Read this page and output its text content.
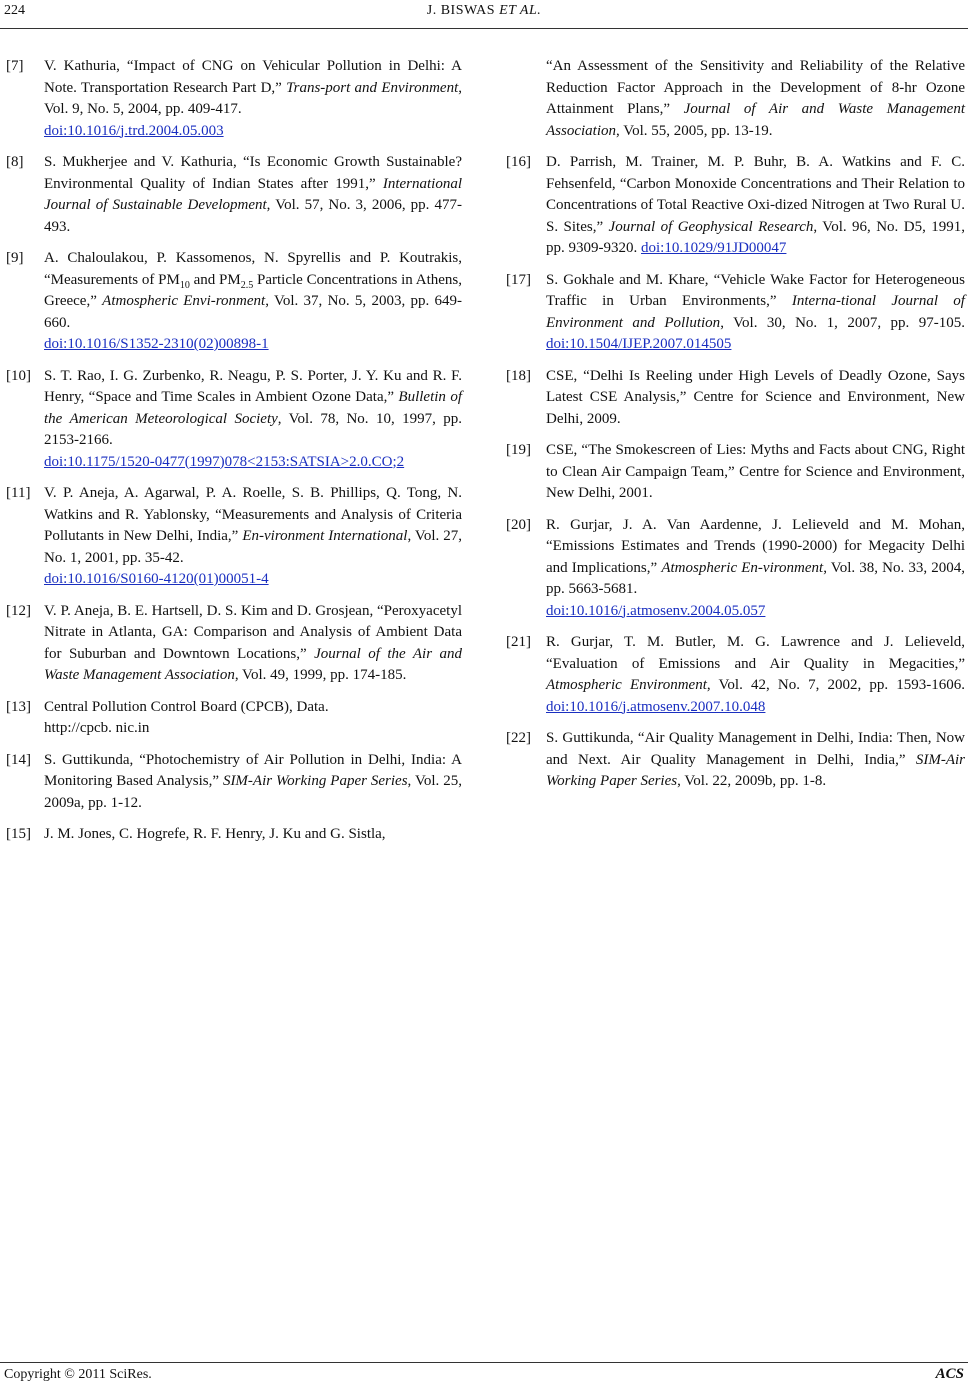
224	J. BISWAS ET AL.
[7]	V. Kathuria, “Impact of CNG on Vehicular Pollution in Delhi: A Note. Transportation Research Part D,” Trans-port and Environment, Vol. 9, No. 5, 2004, pp. 409-417.
doi:10.1016/j.trd.2004.05.003
[8]	S. Mukherjee and V. Kathuria, “Is Economic Growth Sustainable? Environmental Quality of Indian States after 1991,” International Journal of Sustainable Development, Vol. 57, No. 3, 2006, pp. 477-493.
[9]	A. Chaloulakou, P. Kassomenos, N. Spyrellis and P. Koutrakis, “Measurements of $PM_{10}$ and $PM_{2.5}$ Particle Concentrations in Athens, Greece,” Atmospheric Envi-ronment, Vol. 37, No. 5, 2003, pp. 649-660.
doi:10.1016/S1352-2310(02)00898-1
[10] S. T. Rao, I. G. Zurbenko, R. Neagu, P. S. Porter, J. Y. Ku and R. F. Henry, “Space and Time Scales in Ambient Ozone Data,” Bulletin of the American Meteorological Society, Vol. 78, No. 10, 1997, pp. 2153-2166.
doi:10.1175/1520-0477(1997)078<2153:SATSIA>2.0.CO;2
[11] V. P. Aneja, A. Agarwal, P. A. Roelle, S. B. Phillips, Q. Tong, N. Watkins and R. Yablonsky, “Measurements and Analysis of Criteria Pollutants in New Delhi, India,” En-vironment International, Vol. 27, No. 1, 2001, pp. 35-42.
doi:10.1016/S0160-4120(01)00051-4
[12] V. P. Aneja, B. E. Hartsell, D. S. Kim and D. Grosjean, “Peroxyacetyl Nitrate in Atlanta, GA: Comparison and Analysis of Ambient Data for Suburban and Downtown Locations,” Journal of the Air and Waste Management Association, Vol. 49, 1999, pp. 174-185.
[13] Central Pollution Control Board (CPCB), Data.
http://cpcb. nic.in
[14] S. Guttikunda, “Photochemistry of Air Pollution in Delhi, India: A Monitoring Based Analysis,” SIM-Air Working Paper Series, Vol. 25, 2009a, pp. 1-12.
[15] J. M. Jones, C. Hogrefe, R. F. Henry, J. Ku and G. Sistla,
“An Assessment of the Sensitivity and Reliability of the Relative Reduction Factor Approach in the Development of 8-hr Ozone Attainment Plans,” Journal of Air and Waste Management Association, Vol. 55, 2005, pp. 13-19.
[16]	D. Parrish, M. Trainer, M. P. Buhr, B. A. Watkins and F. C. Fehsenfeld, “Carbon Monoxide Concentrations and Their Relation to Concentrations of Total Reactive Oxi-dized Nitrogen at Two Rural U. S. Sites,” Journal of Geophysical Research, Vol. 96, No. D5, 1991, pp. 9309-9320. doi:10.1029/91JD00047
[17]	S. Gokhale and M. Khare, “Vehicle Wake Factor for Heterogeneous Traffic in Urban Environments,” Interna-tional Journal of Environment and Pollution, Vol. 30, No. 1, 2007, pp. 97-105. doi:10.1504/IJEP.2007.014505
[18]	CSE, “Delhi Is Reeling under High Levels of Deadly Ozone, Says Latest CSE Analysis,” Centre for Science and Environment, New Delhi, 2009.
[19]	CSE, “The Smokescreen of Lies: Myths and Facts about CNG, Right to Clean Air Campaign Team,” Centre for Science and Environment, New Delhi, 2001.
[20]	R. Gurjar, J. A. Van Aardenne, J. Lelieveld and M. Mohan, “Emissions Estimates and Trends (1990-2000) for Megacity Delhi and Implications,” Atmospheric En-vironment, Vol. 38, No. 33, 2004, pp. 5663-5681.
doi:10.1016/j.atmosenv.2004.05.057
[21]	R. Gurjar, T. M. Butler, M. G. Lawrence and J. Lelieveld, “Evaluation of Emissions and Air Quality in Megacities,” Atmospheric Environment, Vol. 42, No. 7, 2002, pp. 1593-1606. doi:10.1016/j.atmosenv.2007.10.048
[22]	S. Guttikunda, “Air Quality Management in Delhi, India: Then, Now and Next. Air Quality Management in Delhi, India,” SIM-Air Working Paper Series, Vol. 22, 2009b, pp. 1-8.
Copyright © 2011 SciRes.	ACS
